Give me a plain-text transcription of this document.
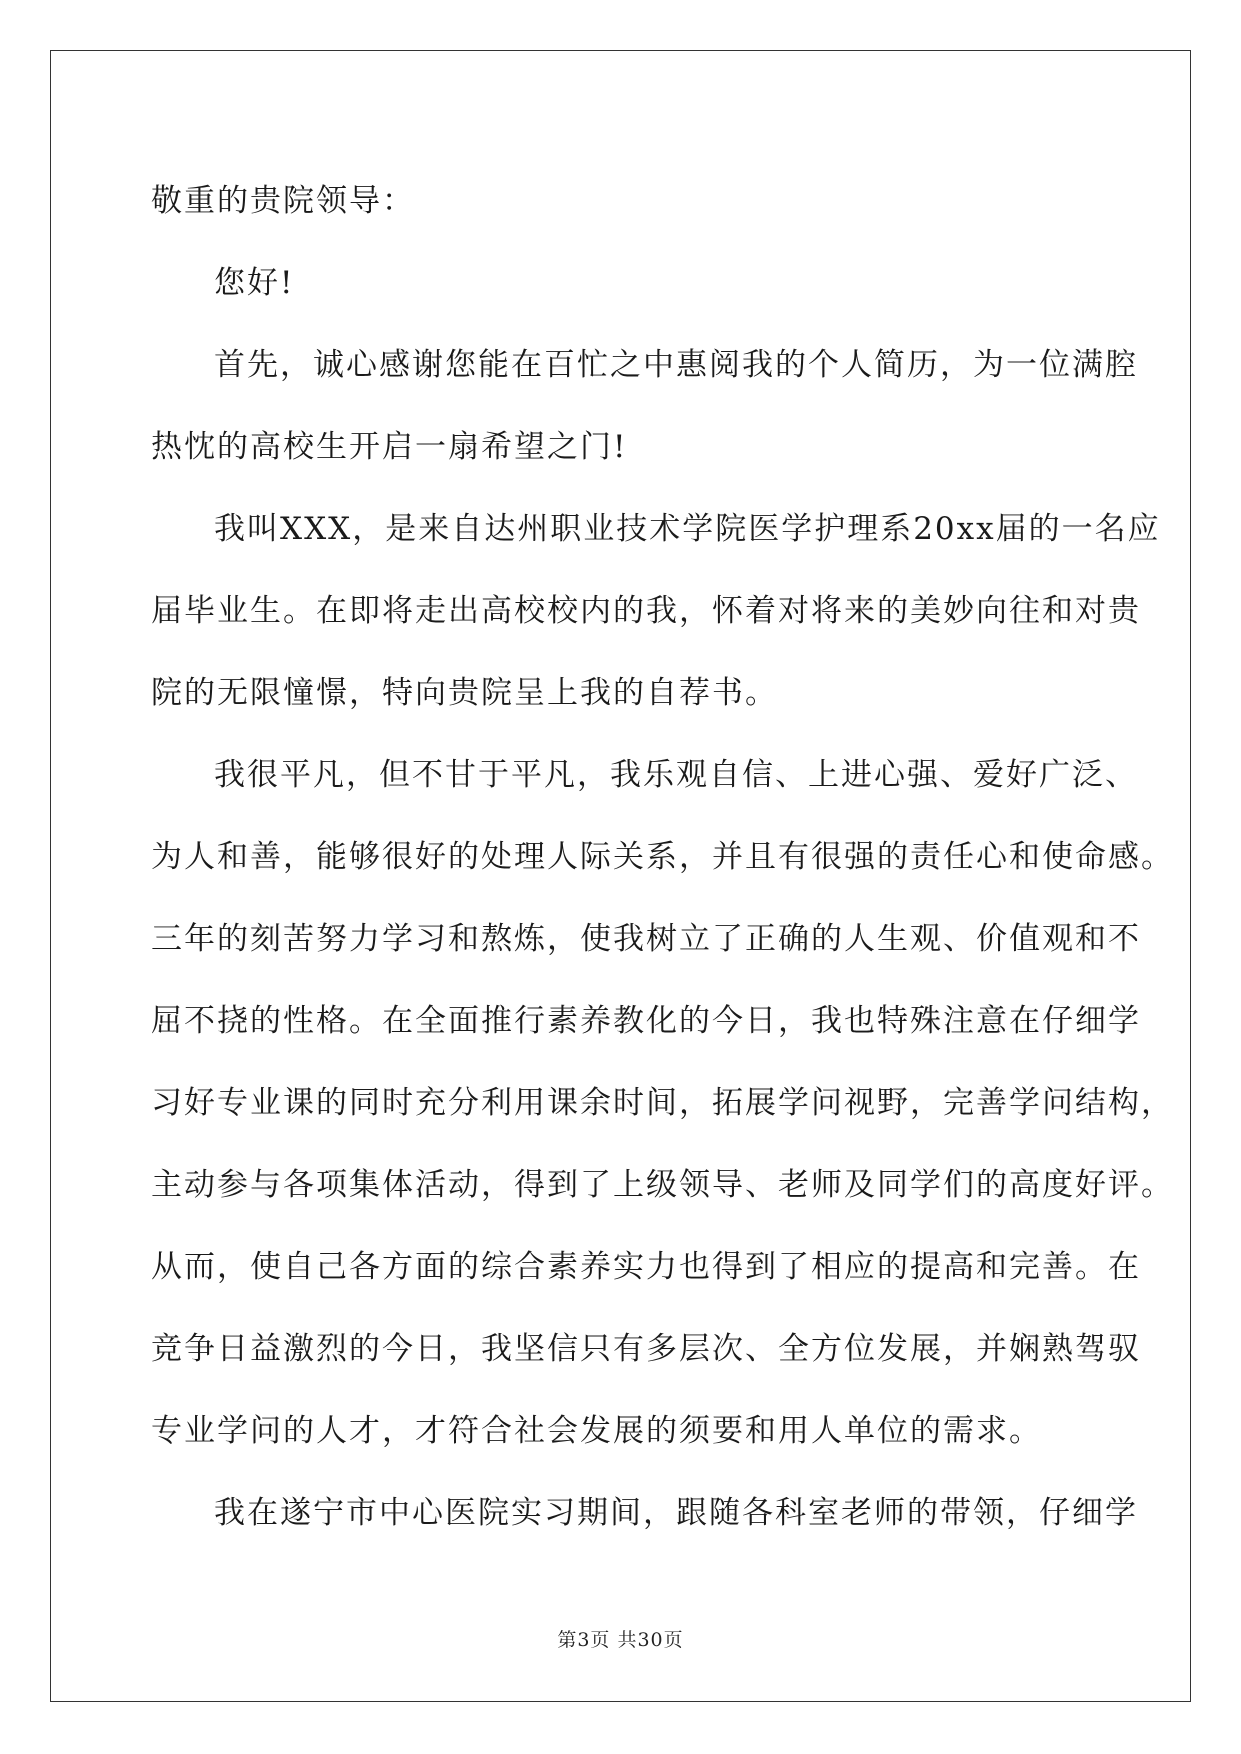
敬重的贵院领导：

您好!

首先，诚心感谢您能在百忙之中惠阅我的个人简历，为一位满腔

热忱的高校生开启一扇希望之门!

我叫XXX，是来自达州职业技术学院医学护理系20xx届的一名应

届毕业生。在即将走出高校校内的我，怀着对将来的美妙向往和对贵

院的无限憧憬，特向贵院呈上我的自荐书。

我很平凡，但不甘于平凡，我乐观自信、上进心强、爱好广泛、

为人和善，能够很好的处理人际关系，并且有很强的责任心和使命感。

三年的刻苦努力学习和熬炼，使我树立了正确的人生观、价值观和不

屈不挠的性格。在全面推行素养教化的今日，我也特殊注意在仔细学

习好专业课的同时充分利用课余时间，拓展学问视野，完善学问结构，

主动参与各项集体活动，得到了上级领导、老师及同学们的高度好评。

从而，使自己各方面的综合素养实力也得到了相应的提高和完善。在

竞争日益激烈的今日，我坚信只有多层次、全方位发展，并娴熟驾驭

专业学问的人才，才符合社会发展的须要和用人单位的需求。

我在遂宁市中心医院实习期间，跟随各科室老师的带领，仔细学

第3页 共30页
